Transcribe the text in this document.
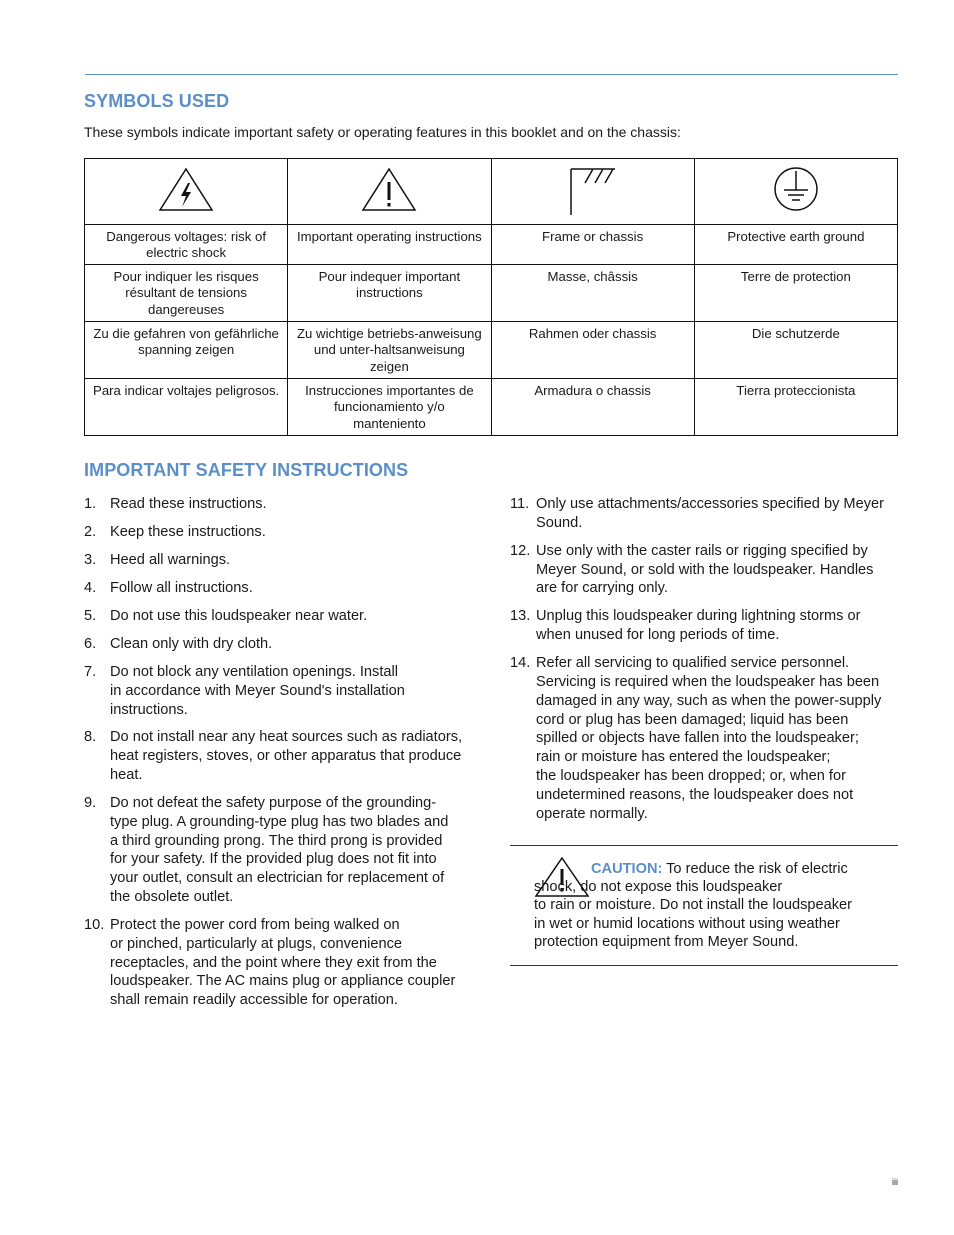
SYMBOLS USED

These symbols indicate important safety or operating features in this booklet and on the chassis:

Dangerous voltages: risk of electric shock	Important operating instructions	Frame or chassis	Protective earth ground
Pour indiquer les risques résultant de tensions dangereuses	Pour indequer important instructions	Masse, châssis	Terre de protection
Zu die gefahren von gefährliche spanning zeigen	Zu wichtige betriebs-anweisung und unter-haltsanweisung zeigen	Rahmen oder chassis	Die schutzerde
Para indicar voltajes peligrosos.	Instrucciones importantes de funcionamiento y/o manteniento	Armadura o chassis	Tierra proteccionista
IMPORTANT SAFETY INSTRUCTIONS
1. Read these instructions.
2. Keep these instructions.
3. Heed all warnings.
4. Follow all instructions.
5. Do not use this loudspeaker near water.
6. Clean only with dry cloth.
7. Do not block any ventilation openings. Install
in accordance with Meyer Sound's installation
instructions.
8. Do not install near any heat sources such as radiators,
heat registers, stoves, or other apparatus that produce
heat.
9. Do not defeat the safety purpose of the grounding-
type plug. A grounding-type plug has two blades and
a third grounding prong. The third prong is provided
for your safety. If the provided plug does not fit into
your outlet, consult an electrician for replacement of
the obsolete outlet.
10. Protect the power cord from being walked on
or pinched, particularly at plugs, convenience
receptacles, and the point where they exit from the
loudspeaker. The AC mains plug or appliance coupler
shall remain readily accessible for operation.
11. Only use attachments/accessories specified by Meyer
Sound.
12. Use only with the caster rails or rigging specified by
Meyer Sound, or sold with the loudspeaker. Handles
are for carrying only.
13. Unplug this loudspeaker during lightning storms or
when unused for long periods of time.
14. Refer all servicing to qualified service personnel.
Servicing is required when the loudspeaker has been
damaged in any way, such as when the power-supply
cord or plug has been damaged; liquid has been
spilled or objects have fallen into the loudspeaker;
rain or moisture has entered the loudspeaker;
the loudspeaker has been dropped; or, when for
undetermined reasons, the loudspeaker does not
operate normally.
CAUTION: To reduce the risk of electric
shock, do not expose this loudspeaker
to rain or moisture. Do not install the loudspeaker
in wet or humid locations without using weather
protection equipment from Meyer Sound.
iii
